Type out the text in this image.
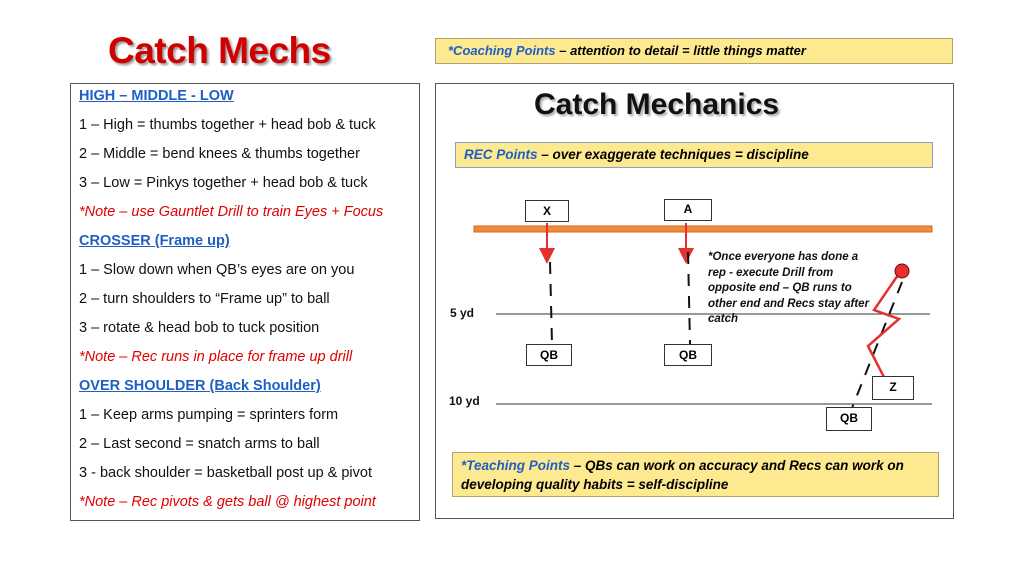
Catch Mechs	*Coaching Points – attention to detail = little things matter
HIGH – MIDDLE - LOW
1 – High = thumbs together + head bob & tuck
2 – Middle = bend knees & thumbs together
3 – Low = Pinkys together + head bob & tuck
*Note – use Gauntlet Drill to train Eyes + Focus
CROSSER (Frame up)
1 – Slow down when QB’s eyes are on you
2 – turn shoulders to “Frame up” to ball
3 – rotate & head bob to tuck position
*Note – Rec runs in place for frame up drill
OVER SHOULDER (Back Shoulder)
1 – Keep arms pumping = sprinters form
2 – Last second = snatch arms to ball
3 - back shoulder = basketball post up & pivot
*Note – Rec pivots & gets ball @ highest point
Catch Mechanics
REC Points – over exaggerate techniques = discipline
X	A
QB	QB
Z
QB
5 yd
10 yd
*Once everyone has done a rep - execute Drill from opposite end – QB runs to other end and Recs stay after catch
*Teaching Points – QBs can work on accuracy and Recs can work on developing quality habits = self-discipline
